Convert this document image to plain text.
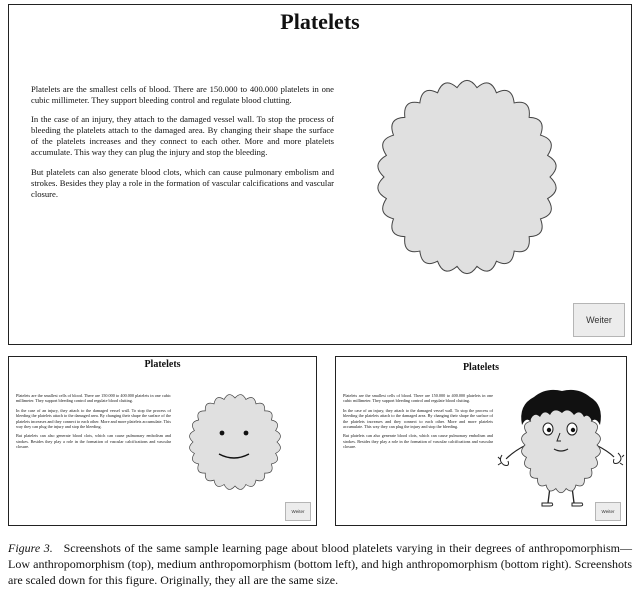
Platelets

Platelets are the smallest cells of blood. There are 150.000 to 400.000 platelets in one cubic millimeter. They support bleeding control and regulate blood clutting.

In the case of an injury, they attach to the damaged vessel wall. To stop the process of bleeding the platelets attach to the damaged area. By changing their shape the surface of the platelets increases and they connect to each other. More and more platelets accumulate. This way they can plug the injury and stop the bleeding.

But platelets can also generate blood clots, which can cause pulmonary embolism and strokes. Besides they play a role in the formation of vascular calcifications and vascular closure.

Weiter
Platelets

Platelets are the smallest cells of blood. There are 150.000 to 400.000 platelets in one cubic millimeter. They support bleeding control and regulate blood clutting.

In the case of an injury, they attach to the damaged vessel wall. To stop the process of bleeding the platelets attach to the damaged area. By changing their shape the surface of the platelets increases and they connect to each other. More and more platelets accumulate. This way they can plug the injury and stop the bleeding.

But platelets can also generate blood clots, which can cause pulmonary embolism and strokes. Besides they play a role in the formation of vascular calcifications and vascular closure.

Weiter
Platelets

Platelets are the smallest cells of blood. There are 150.000 to 400.000 platelets in one cubic millimeter. They support bleeding control and regulate blood clutting.

In the case of an injury, they attach to the damaged vessel wall. To stop the process of bleeding the platelets attach to the damaged area. By changing their shape the surface of the platelets increases and they connect to each other. More and more platelets accumulate. This way they can plug the injury and stop the bleeding.

But platelets can also generate blood clots, which can cause pulmonary embolism and strokes. Besides they play a role in the formation of vascular calcifications and vascular closure.

Weiter
Figure 3. Screenshots of the same sample learning page about blood platelets varying in their degrees of anthropomorphism—Low anthropomorphism (top), medium anthropomorphism (bottom left), and high anthropomorphism (bottom right). Screenshots are scaled down for this figure. Originally, they all are the same size.
